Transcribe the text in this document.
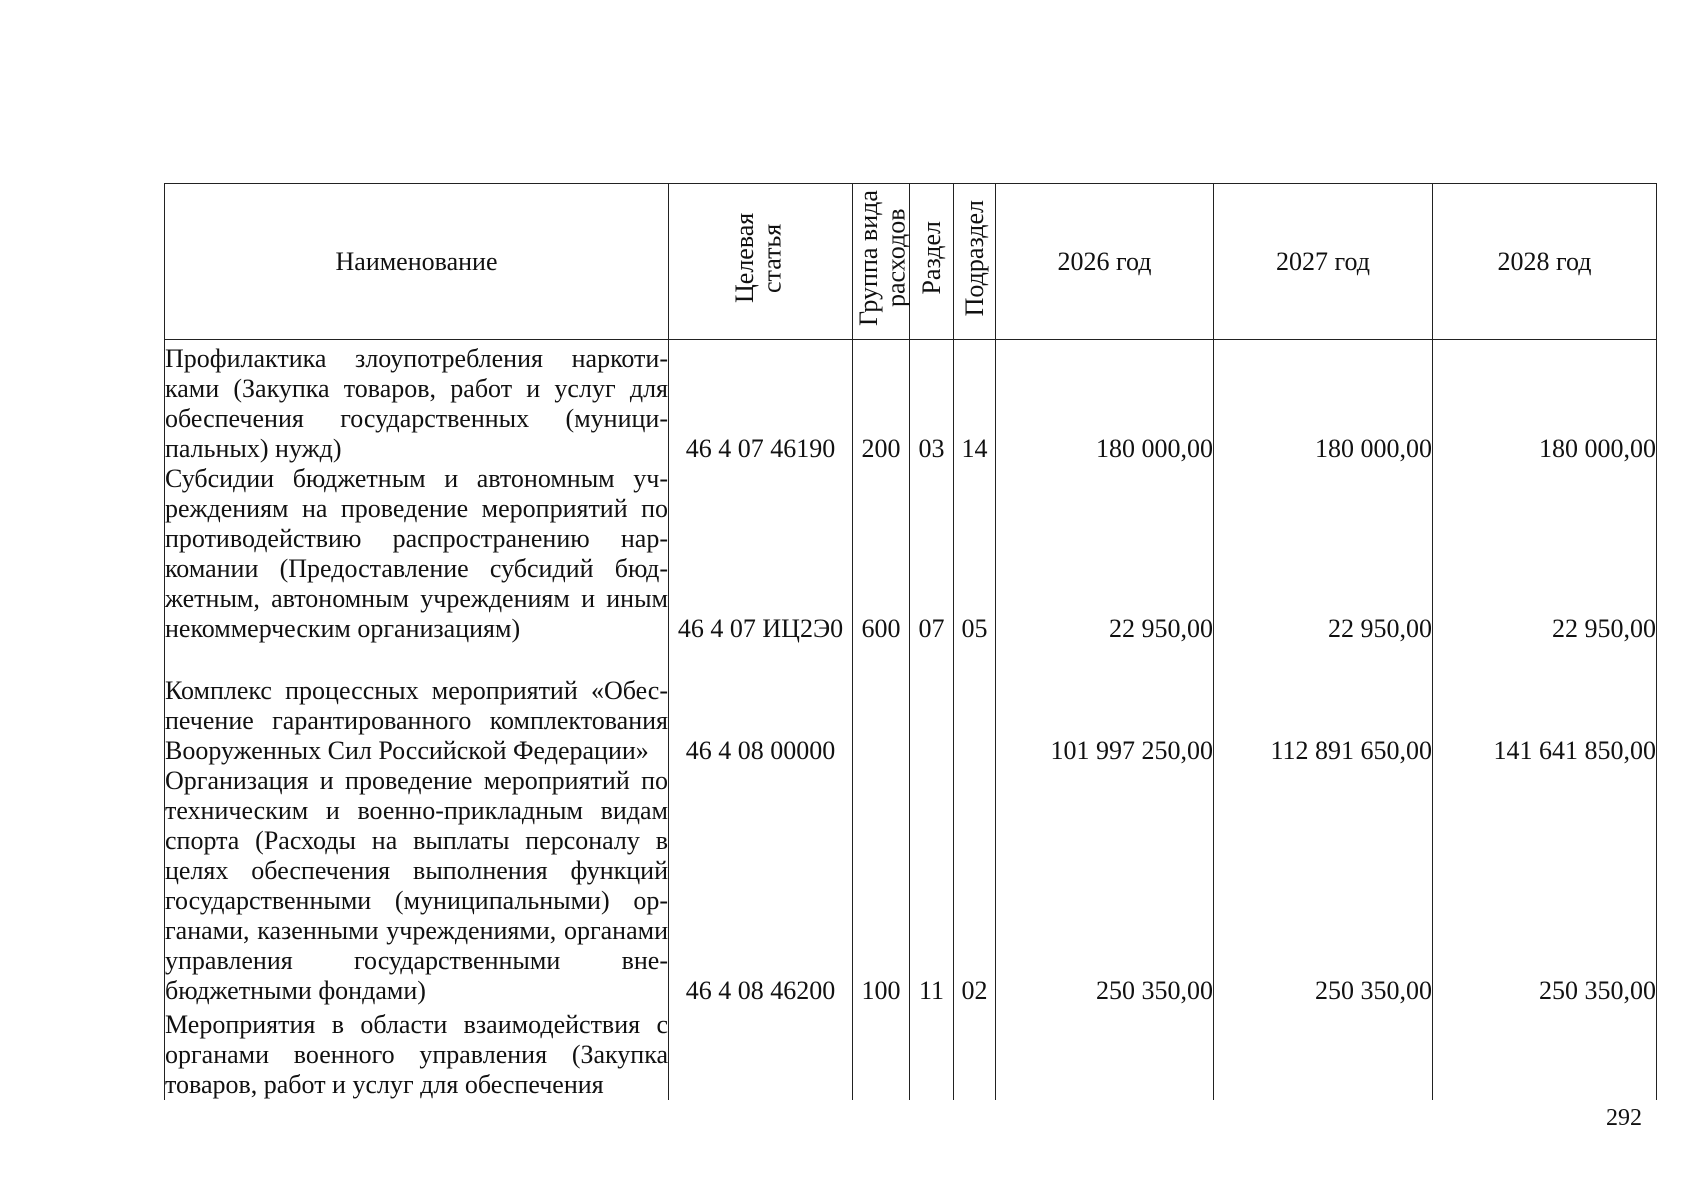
Наименование	Целевая статья	Группа вида расходов	Раздел	Подраздел	2026 год	2027 год	2028 год
Профилактика злоупотребления наркотиками (Закупка товаров, работ и услуг для обеспечения государственных (муниципальных) нужд)	46 4 07 46190	200	03	14	180 000,00	180 000,00	180 000,00
Субсидии бюджетным и автономным учреждениям на проведение мероприятий по противодействию распространению наркомании (Предоставление субсидий бюджетным, автономным учреждениям и иным некоммерческим организациям)	46 4 07 ИЦ2Э0	600	07	05	22 950,00	22 950,00	22 950,00
Комплекс процессных мероприятий «Обеспечение гарантированного комплектования Вооруженных Сил Российской Федерации»	46 4 08 00000				101 997 250,00	112 891 650,00	141 641 850,00
Организация и проведение мероприятий по техническим и военно-прикладным видам спорта (Расходы на выплаты персоналу в целях обеспечения выполнения функций государственными (муниципальными) органами, казенными учреждениями, органами управления государственными внебюджетными фондами)	46 4 08 46200	100	11	02	250 350,00	250 350,00	250 350,00
Мероприятия в области взаимодействия с органами военного управления (Закупка товаров, работ и услуг для обеспечения							
292
